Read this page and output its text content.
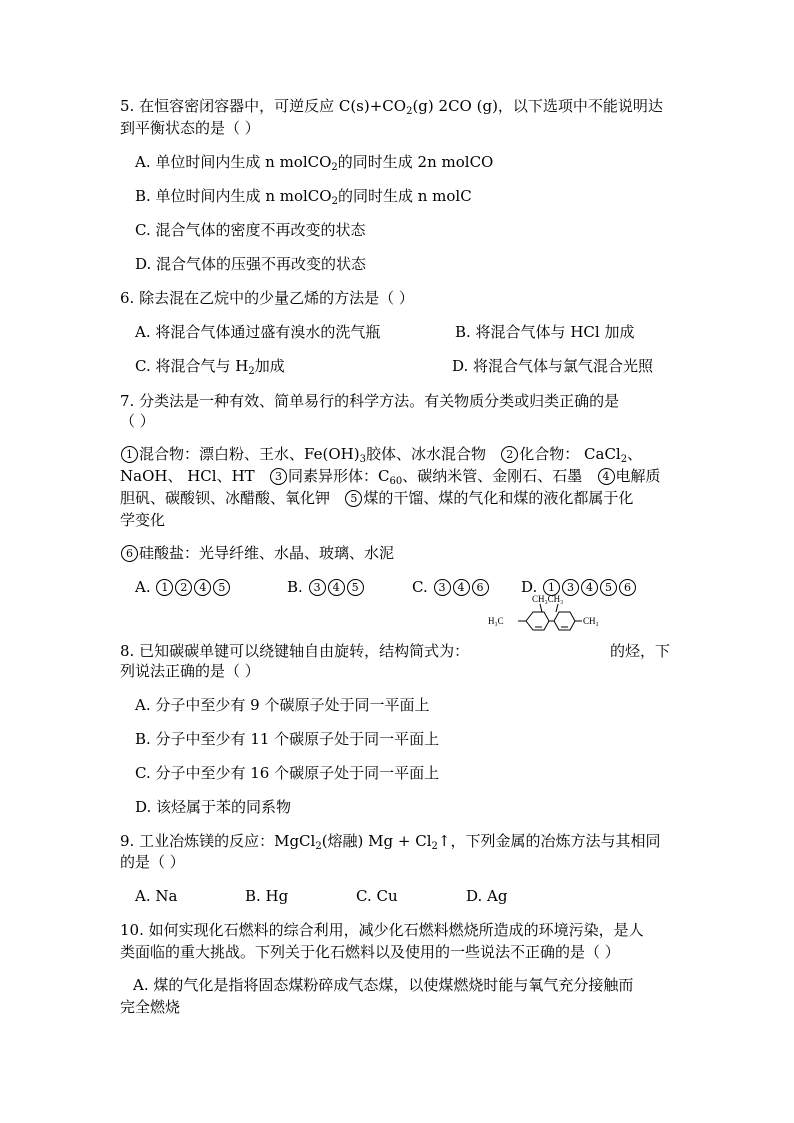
5. 在恒容密闭容器中，可逆反应 $C(s)+CO_2(g)$ 2CO (g)，以下选项中不能说明达
到平衡状态的是（ ）
A. 单位时间内生成 n molCO$_2$的同时生成 2n molCO
B. 单位时间内生成 n molCO$_2$的同时生成 n molC
C. 混合气体的密度不再改变的状态
D. 混合气体的压强不再改变的状态
6. 除去混在乙烷中的少量乙烯的方法是（ ）
A. 将混合气体通过盛有溴水的洗气瓶	B. 将混合气体与 HCl 加成
C. 将混合气与 $H_2$加成	D. 将混合气体与氯气混合光照
7. 分类法是一种有效、简单易行的科学方法。有关物质分类或归类正确的是
（ ）
1 混合物：漂白粉、王水、$Fe(OH)_3$胶体、冰水混合物 2 化合物： CaCl$_2$、
NaOH、 HCl、HT 3 同素异形体：$C_{60}$、碳纳米管、金刚石、石墨 4 电解质
胆矾、碳酸钡、冰醋酸、氧化钾 5 煤的干馏、煤的气化和煤的液化都属于化
学变化
6 硅酸盐：光导纤维、水晶、玻璃、水泥
A. 1 2 4 5	B. 3 4 5	C. 3 4 6	D. 1 3 4 5 6
CH₃CH₃
H₃C	CH₃
8. 已知碳碳单键可以绕键轴自由旋转，结构简式为：	的烃，下
列说法正确的是（ ）
A. 分子中至少有 9 个碳原子处于同一平面上
B. 分子中至少有 11 个碳原子处于同一平面上
C. 分子中至少有 16 个碳原子处于同一平面上
D. 该烃属于苯的同系物
9. 工业冶炼镁的反应：MgCl$_2$(熔融) $Mg + Cl_2↑$，下列金属的冶炼方法与其相同
的是（ ）
A. Na	B. Hg	C. Cu	D. Ag
10. 如何实现化石燃料的综合利用，减少化石燃料燃烧所造成的环境污染，是人
类面临的重大挑战。下列关于化石燃料以及使用的一些说法不正确的是（ ）
A. 煤的气化是指将固态煤粉碎成气态煤，以使煤燃烧时能与氧气充分接触而
完全燃烧
